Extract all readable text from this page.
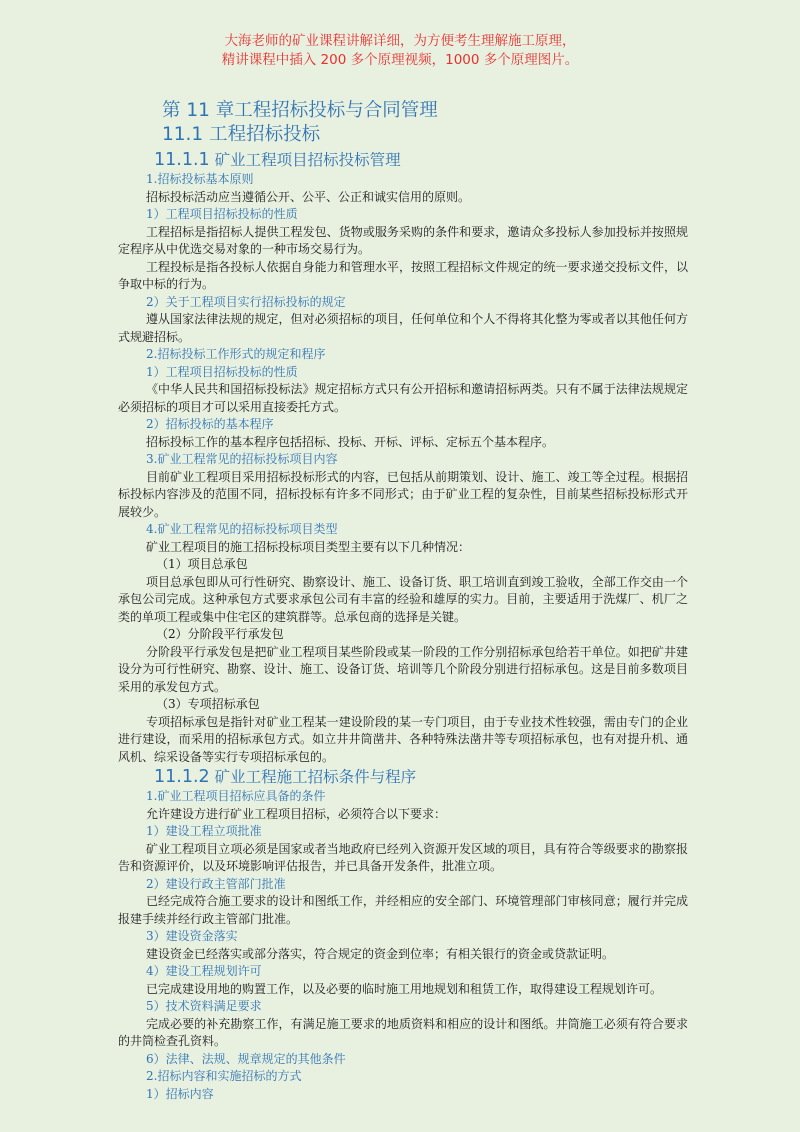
大海老师的矿业课程讲解详细，为方便考生理解施工原理，
精讲课程中插入 200 多个原理视频，1000 多个原理图片。
第 11 章工程招标投标与合同管理
11.1 工程招标投标
11.1.1 矿业工程项目招标投标管理
1.招标投标基本原则
招标投标活动应当遵循公开、公平、公正和诚实信用的原则。
1）工程项目招标投标的性质
工程招标是指招标人提供工程发包、货物或服务采购的条件和要求，邀请众多投标人参加投标并按照规定程序从中优选交易对象的一种市场交易行为。
工程投标是指各投标人依据自身能力和管理水平，按照工程招标文件规定的统一要求递交投标文件，以争取中标的行为。
2）关于工程项目实行招标投标的规定
遵从国家法律法规的规定，但对必须招标的项目，任何单位和个人不得将其化整为零或者以其他任何方式规避招标。
2.招标投标工作形式的规定和程序
1）工程项目招标投标的性质
《中华人民共和国招标投标法》规定招标方式只有公开招标和邀请招标两类。只有不属于法律法规规定必须招标的项目才可以采用直接委托方式。
2）招标投标的基本程序
招标投标工作的基本程序包括招标、投标、开标、评标、定标五个基本程序。
3.矿业工程常见的招标投标项目内容
目前矿业工程项目采用招标投标形式的内容，已包括从前期策划、设计、施工、竣工等全过程。根据招标投标内容涉及的范围不同，招标投标有许多不同形式；由于矿业工程的复杂性，目前某些招标投标形式开展较少。
4.矿业工程常见的招标投标项目类型
矿业工程项目的施工招标投标项目类型主要有以下几种情况：
（1）项目总承包
项目总承包即从可行性研究、勘察设计、施工、设备订货、职工培训直到竣工验收，全部工作交由一个承包公司完成。这种承包方式要求承包公司有丰富的经验和雄厚的实力。目前，主要适用于洗煤厂、机厂之类的单项工程或集中住宅区的建筑群等。总承包商的选择是关键。
（2）分阶段平行承发包
分阶段平行承发包是把矿业工程项目某些阶段或某一阶段的工作分别招标承包给若干单位。如把矿井建设分为可行性研究、勘察、设计、施工、设备订货、培训等几个阶段分别进行招标承包。这是目前多数项目采用的承发包方式。
（3）专项招标承包
专项招标承包是指针对矿业工程某一建设阶段的某一专门项目，由于专业技术性较强，需由专门的企业进行建设，而采用的招标承包方式。如立井井筒凿井、各种特殊法凿井等专项招标承包，也有对提升机、通风机、综采设备等实行专项招标承包的。
11.1.2 矿业工程施工招标条件与程序
1.矿业工程项目招标应具备的条件
允许建设方进行矿业工程项目招标，必须符合以下要求：
1）建设工程立项批准
矿业工程项目立项必须是国家或者当地政府已经列入资源开发区域的项目，具有符合等级要求的勘察报告和资源评价，以及环境影响评估报告，并已具备开发条件，批准立项。
2）建设行政主管部门批准
已经完成符合施工要求的设计和图纸工作，并经相应的安全部门、环境管理部门审核同意；履行并完成报建手续并经行政主管部门批准。
3）建设资金落实
建设资金已经落实或部分落实，符合规定的资金到位率；有相关银行的资金或贷款证明。
4）建设工程规划许可
已完成建设用地的购置工作，以及必要的临时施工用地规划和租赁工作，取得建设工程规划许可。
5）技术资料满足要求
完成必要的补充勘察工作，有满足施工要求的地质资料和相应的设计和图纸。井筒施工必须有符合要求的井筒检查孔资料。
6）法律、法规、规章规定的其他条件
2.招标内容和实施招标的方式
1）招标内容
